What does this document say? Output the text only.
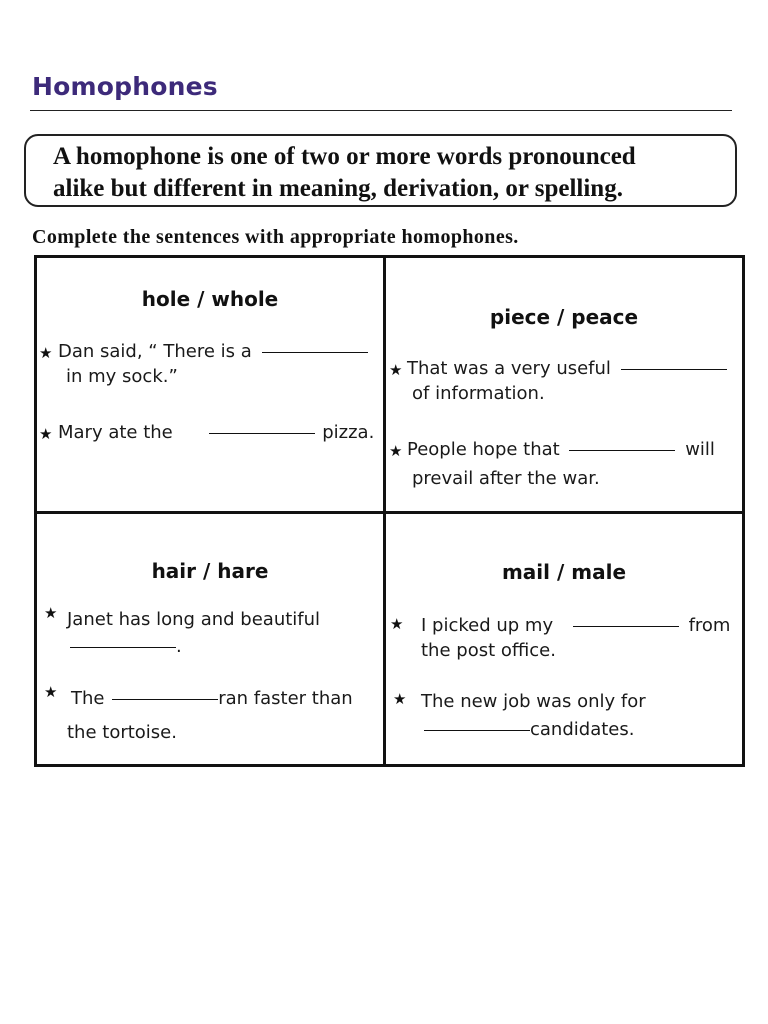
Homophones
A homophone is one of two or more words pronounced
alike but different in meaning, derivation, or spelling.
Complete the sentences with appropriate homophones.
hole / whole
★ Dan said, “ There is a
in my sock.”
★ Mary ate the	pizza.
piece / peace
★ That was a very useful
of information.
★ People hope that	will
prevail after the war.
hair / hare
★ Janet has long and beautiful
.
★ The	ran faster than
the tortoise.
mail / male
★ I picked up my	from
the post office.
★ The new job was only for
candidates.
